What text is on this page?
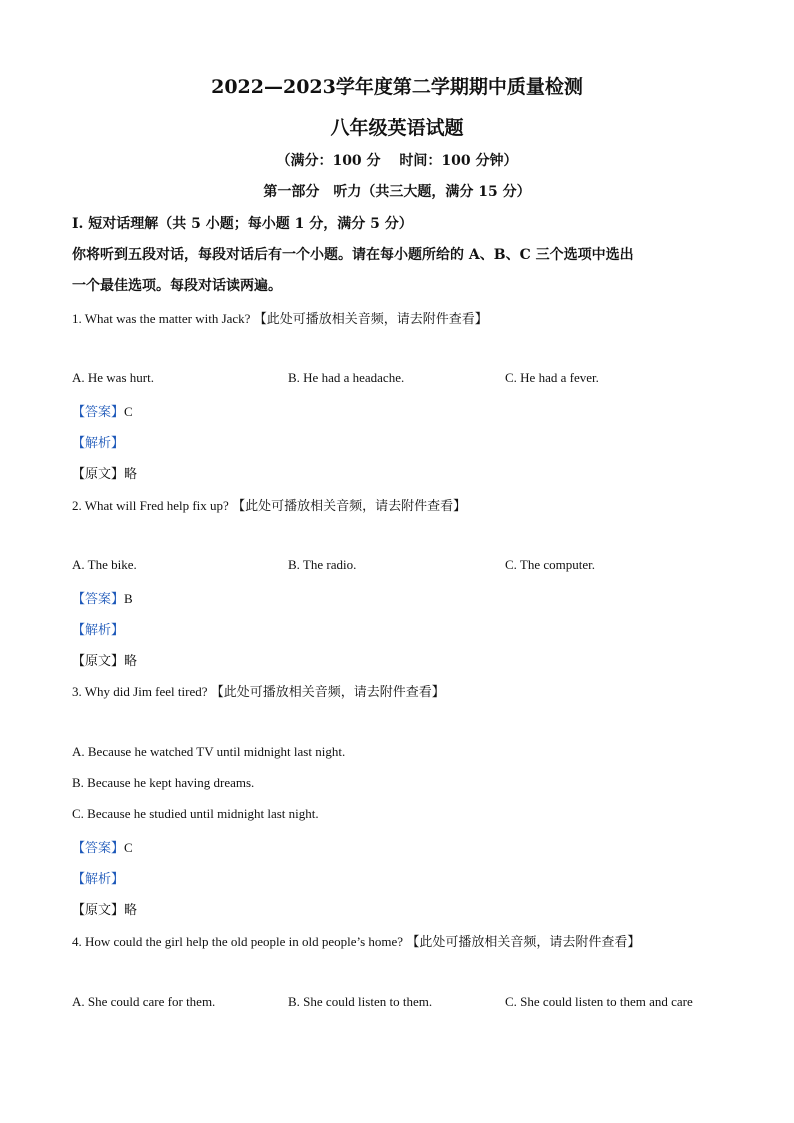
2022—2023学年度第二学期期中质量检测
八年级英语试题
（满分：100 分　 时间：100 分钟）
第一部分　听力（共三大题，满分 15 分）
Ⅰ. 短对话理解（共 5 小题；每小题 1 分，满分 5 分）
你将听到五段对话，每段对话后有一个小题。请在每小题所给的 A、B、C 三个选项中选出
一个最佳选项。每段对话读两遍。
1. What was the matter with Jack? 【此处可播放相关音频，请去附件查看】
A. He was hurt.	B. He had a headache.	C. He had a fever.
【答案】C
【解析】
【原文】略
2. What will Fred help fix up? 【此处可播放相关音频，请去附件查看】
A. The bike.	B. The radio.	C. The computer.
【答案】B
【解析】
【原文】略
3. Why did Jim feel tired? 【此处可播放相关音频，请去附件查看】
A. Because he watched TV until midnight last night.
B. Because he kept having dreams.
C. Because he studied until midnight last night.
【答案】C
【解析】
【原文】略
4. How could the girl help the old people in old people’s home? 【此处可播放相关音频，请去附件查看】
A. She could care for them.	B. She could listen to them.	C. She could listen to them and care
